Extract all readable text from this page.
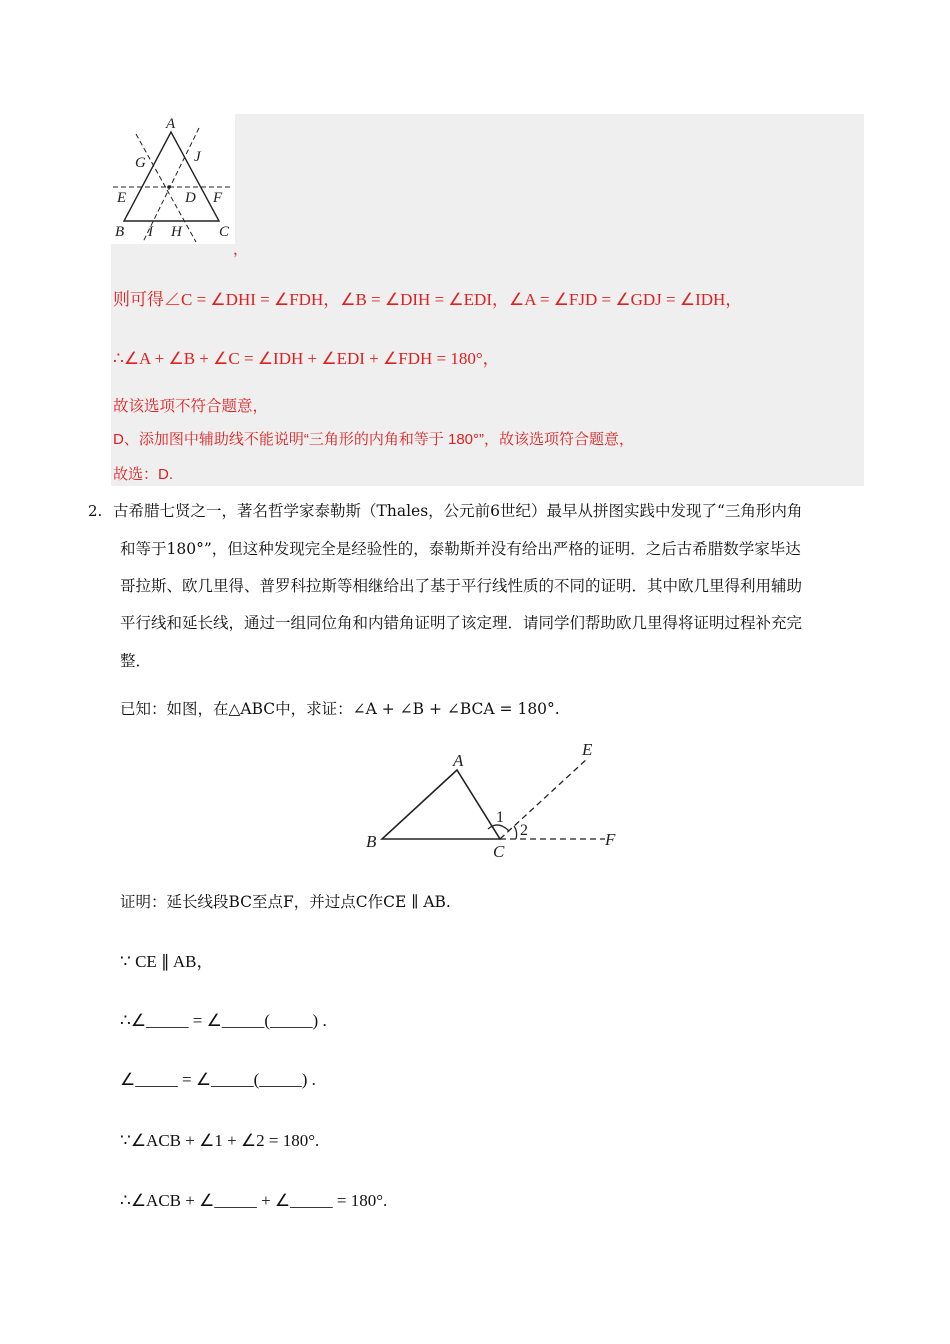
A
G	J
E	D F
B I H C
，
则可得∠C = ∠DHI = ∠FDH，∠B = ∠DIH = ∠EDI，∠A = ∠FJD = ∠GDJ = ∠IDH，
∴∠A + ∠B + ∠C = ∠IDH + ∠EDI + ∠FDH = 180°，
故该选项不符合题意，
D、添加图中辅助线不能说明“三角形的内角和等于 180°”，故该选项符合题意，
故选：D.
2. 古希腊七贤之一，著名哲学家泰勒斯（Thales，公元前6世纪）最早从拼图实践中发现了“三角形内角
和等于180°”，但这种发现完全是经验性的，泰勒斯并没有给出严格的证明．之后古希腊数学家毕达
哥拉斯、欧几里得、普罗科拉斯等相继给出了基于平行线性质的不同的证明．其中欧几里得利用辅助
平行线和延长线，通过一组同位角和内错角证明了该定理．请同学们帮助欧几里得将证明过程补充完
整．
已知：如图，在△ABC中，求证：∠A + ∠B + ∠BCA = 180°.
A
B
C
E
F
1
2
证明：延长线段BC至点F，并过点C作CE ∥ AB.
∵ CE ∥ AB，
∴∠_____ = ∠_____(_____) .
∠_____ = ∠_____(_____) .
∵∠ACB + ∠1 + ∠2 = 180°.
∴∠ACB + ∠_____ + ∠_____ = 180°.
